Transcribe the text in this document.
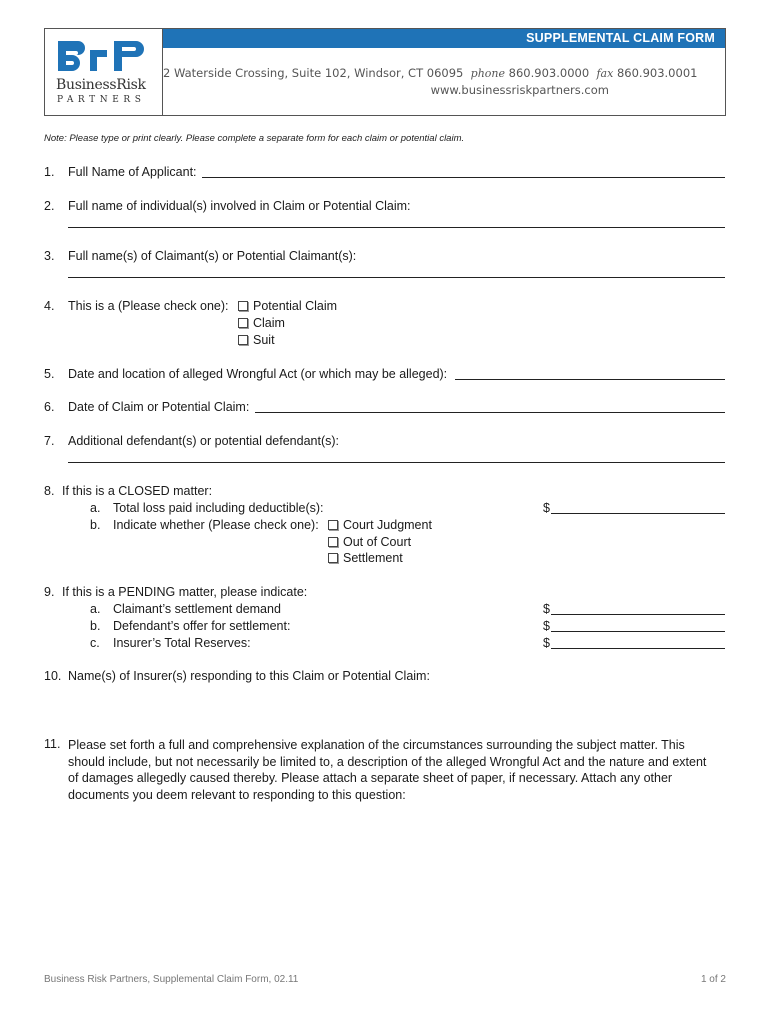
BusinessRisk
PARTNERS
SUPPLEMENTAL CLAIM FORM
2 Waterside Crossing, Suite 102, Windsor, CT 06095 phone 860.903.0000 fax 860.903.0001
www.businessriskpartners.com
Note: Please type or print clearly. Please complete a separate form for each claim or potential claim.
1. Full Name of Applicant:
2. Full name of individual(s) involved in Claim or Potential Claim:
3. Full name(s) of Claimant(s) or Potential Claimant(s):
4. This is a (Please check one):	Potential Claim
Claim
Suit
5. Date and location of alleged Wrongful Act (or which may be alleged):
6. Date of Claim or Potential Claim:
7. Additional defendant(s) or potential defendant(s):
8. If this is a CLOSED matter:
a. Total loss paid including deductible(s):	$
b. Indicate whether (Please check one):	Court Judgment
Out of Court
Settlement
9. If this is a PENDING matter, please indicate:
a. Claimant’s settlement demand	$
b. Defendant’s offer for settlement:	$
c. Insurer’s Total Reserves:	$
10. Name(s) of Insurer(s) responding to this Claim or Potential Claim:
11. Please set forth a full and comprehensive explanation of the circumstances surrounding the subject matter. This
should include, but not necessarily be limited to, a description of the alleged Wrongful Act and the nature and extent
of damages allegedly caused thereby. Please attach a separate sheet of paper, if necessary. Attach any other
documents you deem relevant to responding to this question:
Business Risk Partners, Supplemental Claim Form, 02.11	1 of 2
